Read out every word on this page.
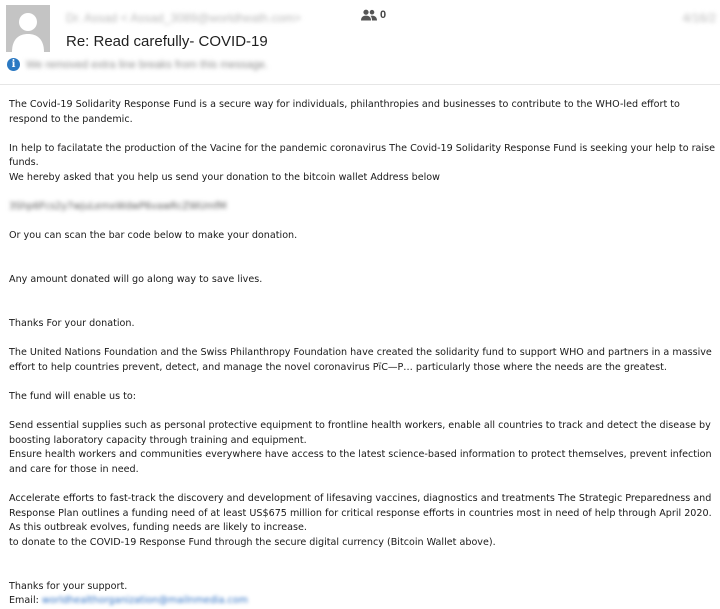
Dr. Assad < Assad_3089@worldheath.com>	0	4/16/2
Re: Read carefully- COVID-19
i We removed extra line breaks from this message.

The Covid-19 Solidarity Response Fund is a secure way for individuals, philanthropies and businesses to contribute to the WHO-led effort to respond to the pandemic.

In help to facilatate the production of the Vacine for the pandemic coronavirus The Covid-19 Solidarity Response Fund is seeking your help to raise funds.

We hereby asked that you help us send your donation to the bitcoin wallet Address below

3Shp6Fcs2y7wjuLemxWdwP6vawRcZWUmfM

Or you can scan the bar code below to make your donation.

Any amount donated will go along way to save lives.

Thanks For your donation.

The United Nations Foundation and the Swiss Philanthropy Foundation have created the solidarity fund to support WHO and partners in a massive effort to help countries prevent, detect, and manage the novel coronavirus PïC—P… particularly those where the needs are the greatest.

The fund will enable us to:

Send essential supplies such as personal protective equipment to frontline health workers, enable all countries to track and detect the disease by boosting laboratory capacity through training and equipment.

Ensure health workers and communities everywhere have access to the latest science-based information to protect themselves, prevent infection and care for those in need.

Accelerate efforts to fast-track the discovery and development of lifesaving vaccines, diagnostics and treatments The Strategic Preparedness and Response Plan outlines a funding need of at least US$675 million for critical response efforts in countries most in need of help through April 2020. As this outbreak evolves, funding needs are likely to increase.

to donate to the COVID-19 Response Fund through the secure digital currency (Bitcoin Wallet above).

Thanks for your support.

Email: worldhealthorganization@mailnmedia.com
